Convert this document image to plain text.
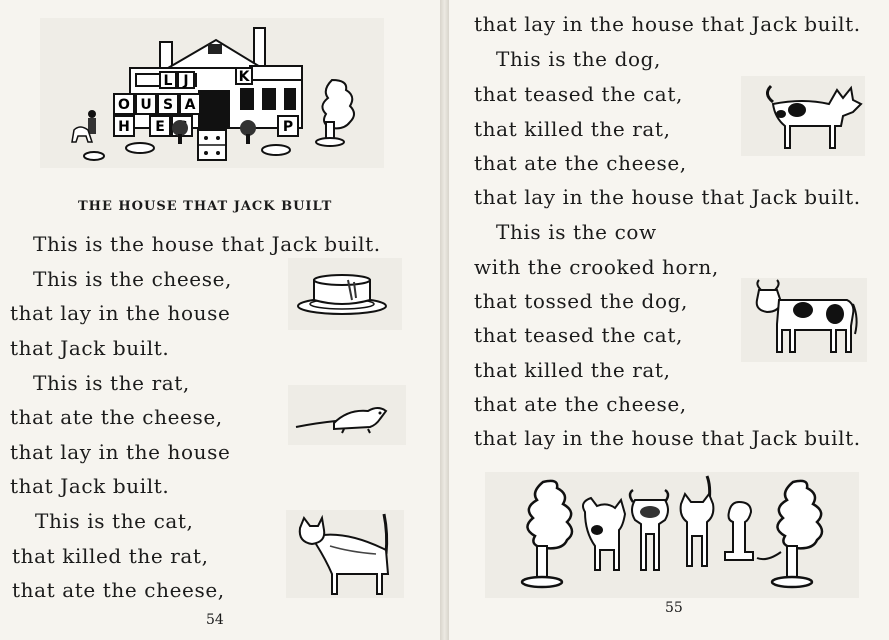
L J	K
O U S A
H E	P
THE HOUSE THAT JACK BUILT
This is the house that Jack built.
This is the cheese,
that lay in the house
that Jack built.
This is the rat,
that ate the cheese,
that lay in the house
that Jack built.
This is the cat,
that killed the rat,
that ate the cheese,
54
that lay in the house that Jack built.
This is the dog,
that teased the cat,
that killed the rat,
that ate the cheese,
that lay in the house that Jack built.
This is the cow
with the crooked horn,
that tossed the dog,
that teased the cat,
that killed the rat,
that ate the cheese,
that lay in the house that Jack built.
55
